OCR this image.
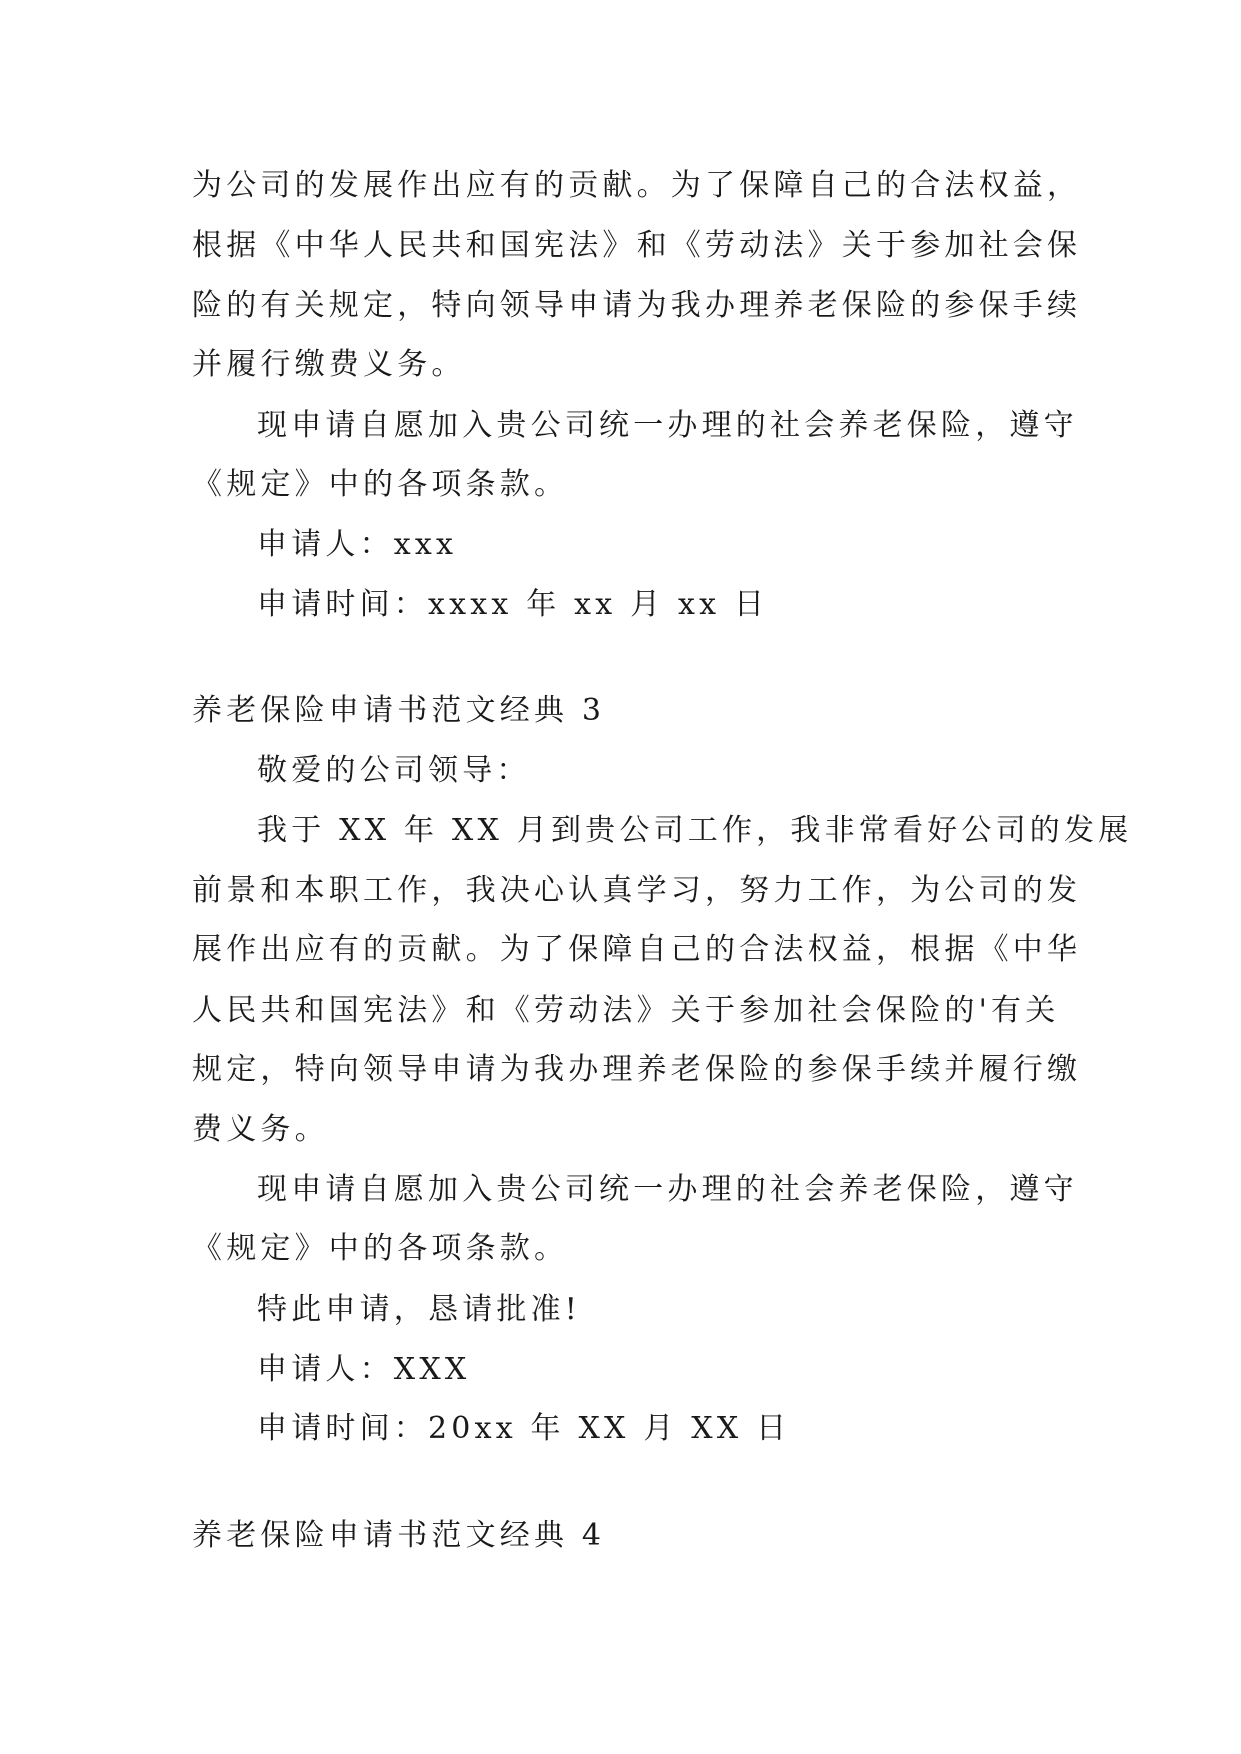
为公司的发展作出应有的贡献。为了保障自己的合法权益，
根据《中华人民共和国宪法》和《劳动法》关于参加社会保
险的有关规定，特向领导申请为我办理养老保险的参保手续
并履行缴费义务。
现申请自愿加入贵公司统一办理的社会养老保险，遵守
《规定》中的各项条款。
申请人：xxx
申请时间：xxxx 年 xx 月 xx 日
养老保险申请书范文经典 3
敬爱的公司领导：
我于 XX 年 XX 月到贵公司工作，我非常看好公司的发展
前景和本职工作，我决心认真学习，努力工作，为公司的发
展作出应有的贡献。为了保障自己的合法权益，根据《中华
人民共和国宪法》和《劳动法》关于参加社会保险的'有关
规定，特向领导申请为我办理养老保险的参保手续并履行缴
费义务。
现申请自愿加入贵公司统一办理的社会养老保险，遵守
《规定》中的各项条款。
特此申请，恳请批准!
申请人：XXX
申请时间：20xx 年 XX 月 XX 日
养老保险申请书范文经典 4
